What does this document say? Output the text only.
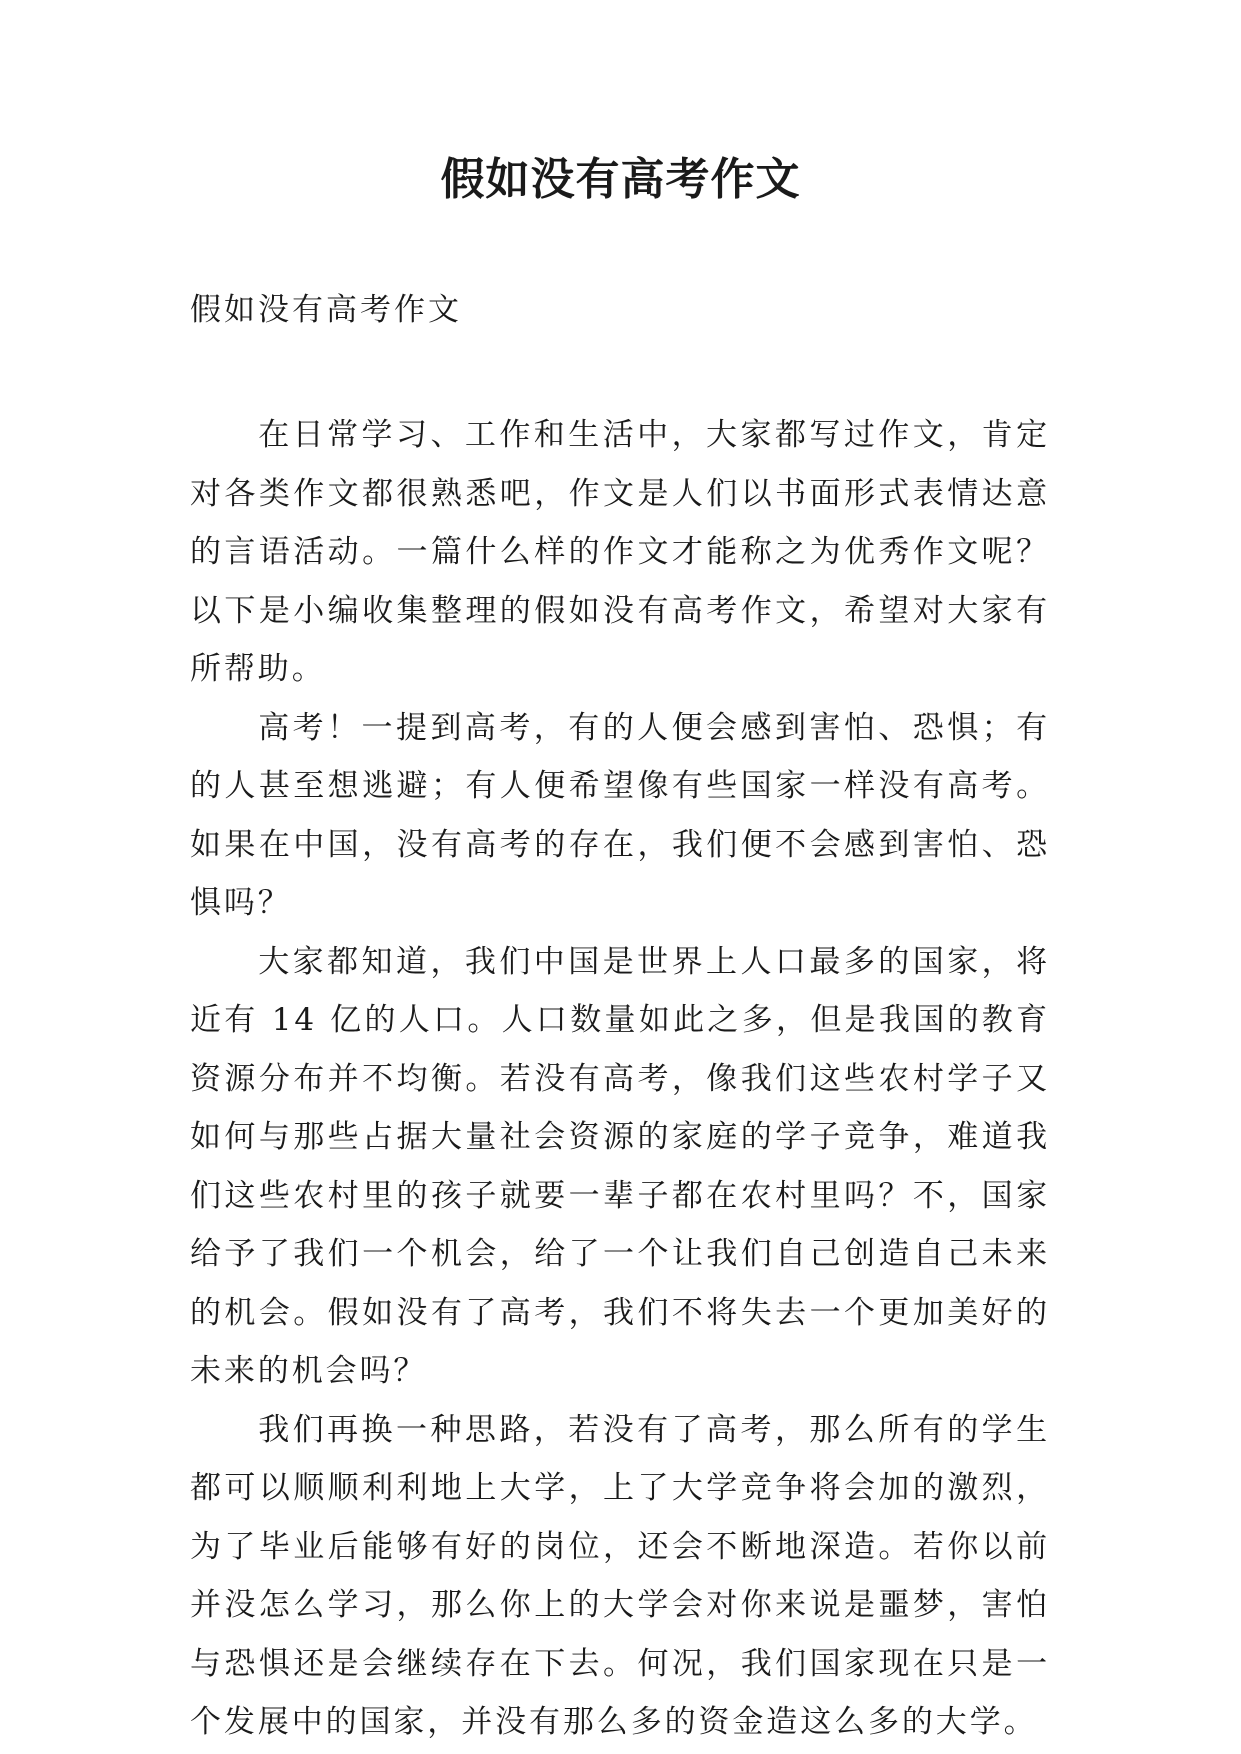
假如没有高考作文
假如没有高考作文

在日常学习、工作和生活中，大家都写过作文，肯定对各类作文都很熟悉吧，作文是人们以书面形式表情达意的言语活动。一篇什么样的作文才能称之为优秀作文呢？以下是小编收集整理的假如没有高考作文，希望对大家有所帮助。

高考！一提到高考，有的人便会感到害怕、恐惧；有的人甚至想逃避；有人便希望像有些国家一样没有高考。如果在中国，没有高考的存在，我们便不会感到害怕、恐惧吗？

大家都知道，我们中国是世界上人口最多的国家，将近有 14 亿的人口。人口数量如此之多，但是我国的教育资源分布并不均衡。若没有高考，像我们这些农村学子又如何与那些占据大量社会资源的家庭的学子竞争，难道我们这些农村里的孩子就要一辈子都在农村里吗？不，国家给予了我们一个机会，给了一个让我们自己创造自己未来的机会。假如没有了高考，我们不将失去一个更加美好的未来的机会吗？

我们再换一种思路，若没有了高考，那么所有的学生都可以顺顺利利地上大学，上了大学竞争将会加的激烈，为了毕业后能够有好的岗位，还会不断地深造。若你以前并没怎么学习，那么你上的大学会对你来说是噩梦，害怕与恐惧还是会继续存在下去。何况，我们国家现在只是一个发展中的国家，并没有那么多的资金造这么多的大学。
